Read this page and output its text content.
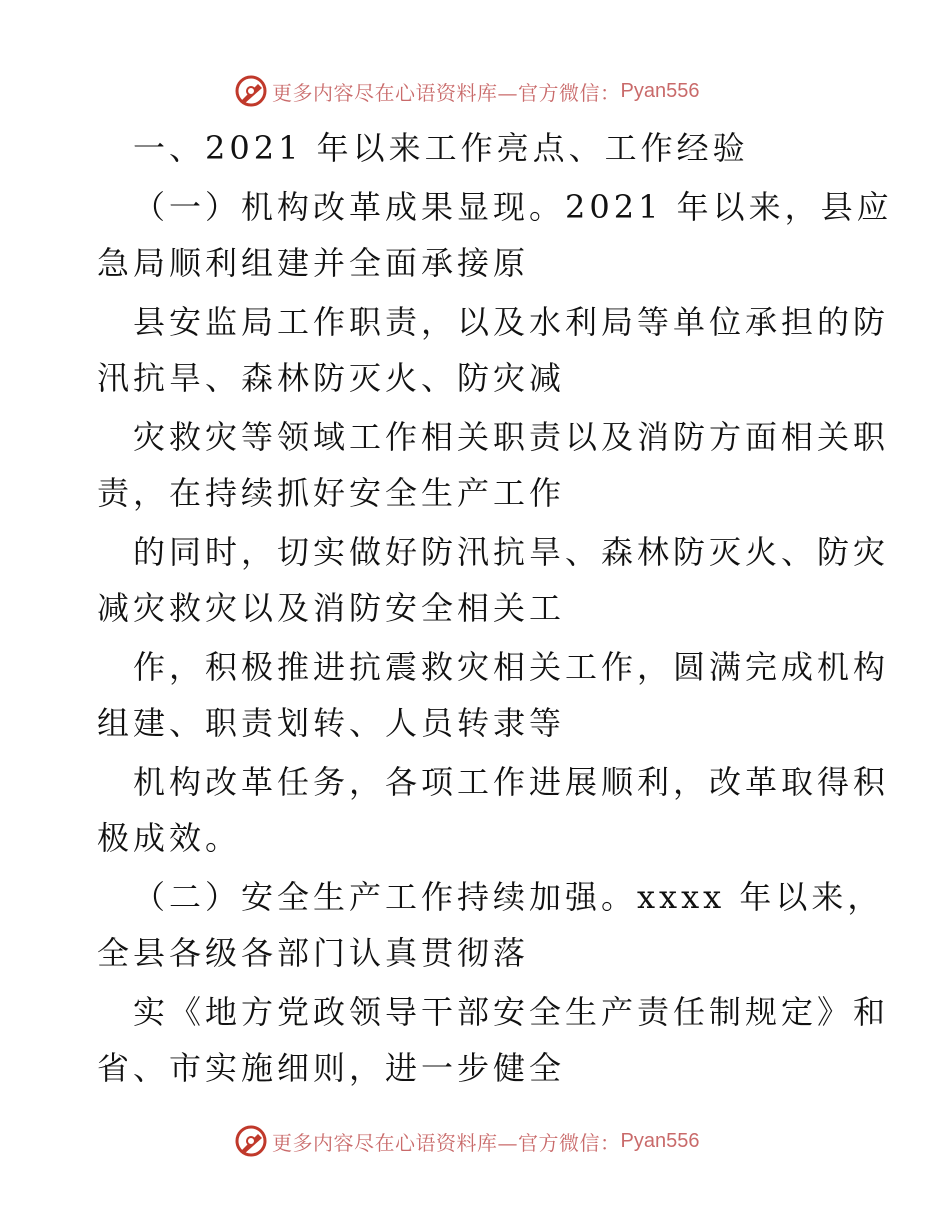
更多内容尽在心语资料库—官方微信： Pyan556
一、2021 年以来工作亮点、工作经验
（一）机构改革成果显现。2021 年以来，县应
急局顺利组建并全面承接原
县安监局工作职责，以及水利局等单位承担的防
汛抗旱、森林防灭火、防灾减
灾救灾等领域工作相关职责以及消防方面相关职
责，在持续抓好安全生产工作
的同时，切实做好防汛抗旱、森林防灭火、防灾
减灾救灾以及消防安全相关工
作，积极推进抗震救灾相关工作，圆满完成机构
组建、职责划转、人员转隶等
机构改革任务，各项工作进展顺利，改革取得积
极成效。
（二）安全生产工作持续加强。xxxx 年以来，
全县各级各部门认真贯彻落
实《地方党政领导干部安全生产责任制规定》和
省、市实施细则，进一步健全
更多内容尽在心语资料库—官方微信： Pyan556
